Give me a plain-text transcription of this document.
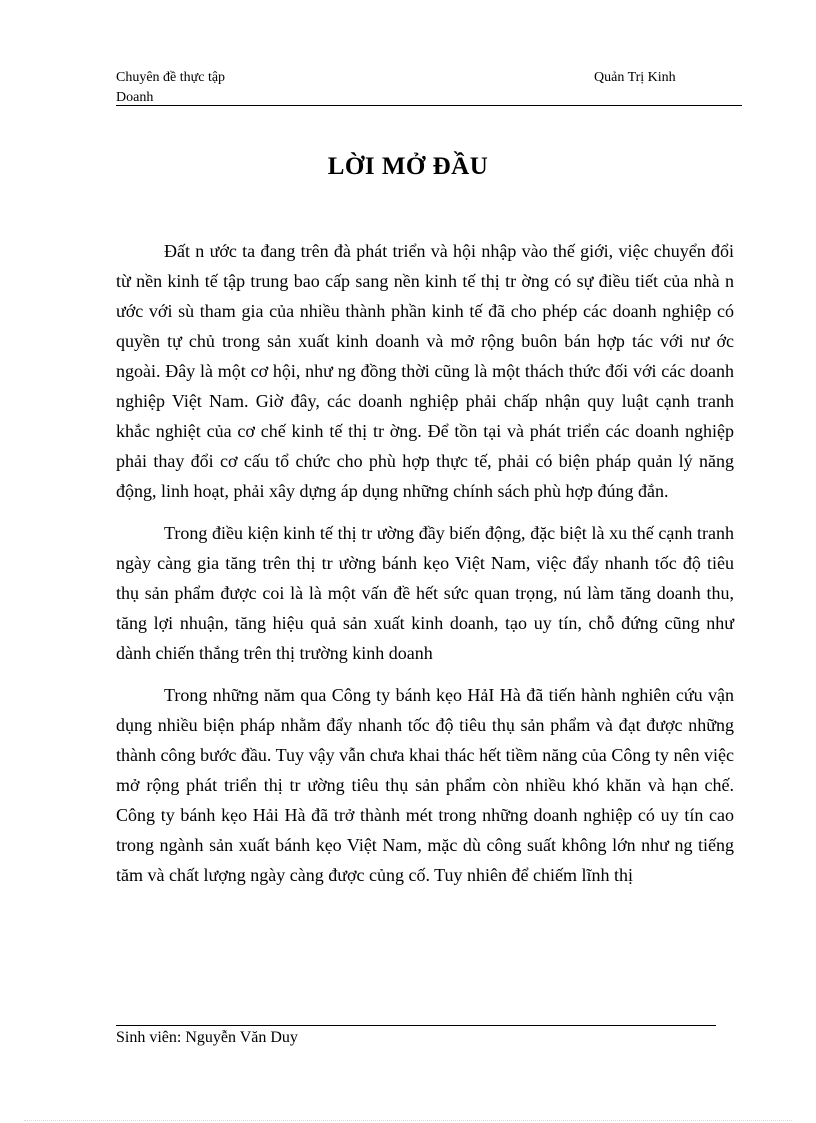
Chuyên đề thực tập	Quản Trị Kinh
Doanh
LỜI MỞ ĐẦU

Đất n ước ta đang trên đà phát triển và hội nhập vào thế giới, việc chuyển đổi từ nền kinh tế tập trung bao cấp sang nền kinh tế thị tr ờng có sự điều tiết của nhà n ước với sù tham gia của nhiều thành phần kinh tế đã cho phép các doanh nghiệp có quyền tự chủ trong sản xuất kinh doanh và mở rộng buôn bán hợp tác với nư ớc ngoài. Đây là một cơ hội, như ng đồng thời cũng là một thách thức đối với các doanh nghiệp Việt Nam. Giờ đây, các doanh nghiệp phải chấp nhận quy luật cạnh tranh khắc nghiệt của cơ chế kinh tế thị tr ờng. Để tồn tại và phát triển các doanh nghiệp phải thay đổi cơ cấu tổ chức cho phù hợp thực tế, phải có biện pháp quản lý năng động, linh hoạt, phải xây dựng áp dụng những chính sách phù hợp đúng đắn.

Trong điều kiện kinh tế thị tr ường đầy biến động, đặc biệt là xu thế cạnh tranh ngày càng gia tăng trên thị tr ường bánh kẹo Việt Nam, việc đẩy nhanh tốc độ tiêu thụ sản phẩm được coi là là một vấn đề hết sức quan trọng, nú làm tăng doanh thu, tăng lợi nhuận, tăng hiệu quả sản xuất kinh doanh, tạo uy tín, chỗ đứng cũng như dành chiến thắng trên thị trường kinh doanh

Trong những năm qua Công ty bánh kẹo HảI Hà đã tiến hành nghiên cứu vận dụng nhiều biện pháp nhằm đẩy nhanh tốc độ tiêu thụ sản phẩm và đạt được những thành công bước đầu. Tuy vậy vẫn chưa khai thác hết tiềm năng của Công ty nên việc mở rộng phát triển thị tr ường tiêu thụ sản phẩm còn nhiều khó khăn và hạn chế. Công ty bánh kẹo Hải Hà đã trở thành mét trong những doanh nghiệp có uy tín cao trong ngành sản xuất bánh kẹo Việt Nam, mặc dù công suất không lớn như ng tiếng tăm và chất lượng ngày càng được củng cố. Tuy nhiên để chiếm lĩnh thị

Sinh viên: Nguyễn Văn Duy
